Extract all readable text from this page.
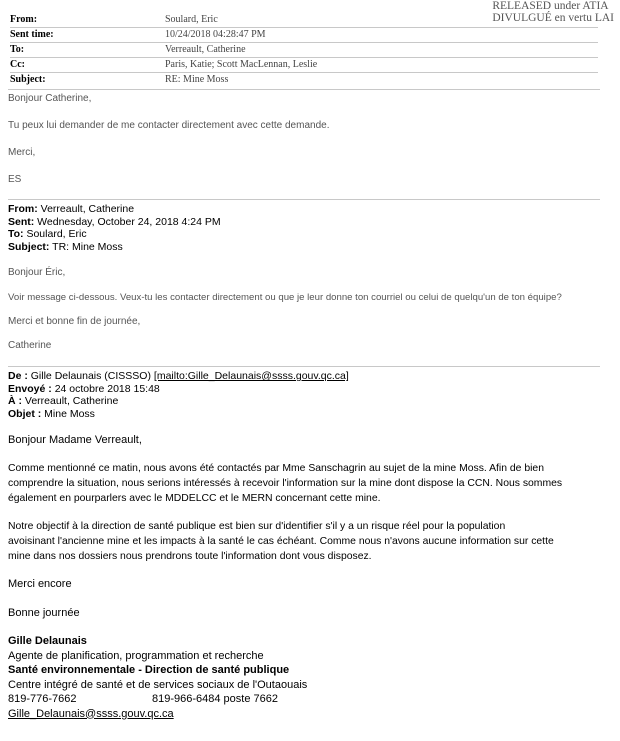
RELEASED under ATIA
DIVULGUÉ en vertu LAI
From:	Soulard, Eric
Sent time:	10/24/2018 04:28:47 PM
To:	Verreault, Catherine
Cc:	Paris, Katie; Scott MacLennan, Leslie
Subject:	RE: Mine Moss
Bonjour Catherine,
Tu peux lui demander de me contacter directement avec cette demande.
Merci,
ES
From: Verreault, Catherine
Sent: Wednesday, October 24, 2018 4:24 PM
To: Soulard, Eric
Subject: TR: Mine Moss
Bonjour Éric,
Voir message ci-dessous. Veux-tu les contacter directement ou que je leur donne ton courriel ou celui de quelqu'un de ton équipe?
Merci et bonne fin de journée,
Catherine
De : Gille Delaunais (CISSSO) [mailto:Gille_Delaunais@ssss.gouv.qc.ca]
Envoyé : 24 octobre 2018 15:48
À : Verreault, Catherine
Objet : Mine Moss
Bonjour Madame Verreault,
Comme mentionné ce matin, nous avons été contactés par Mme Sanschagrin au sujet de la mine Moss. Afin de bien
comprendre la situation, nous serions intéressés à recevoir l'information sur la mine dont dispose la CCN. Nous sommes
également en pourparlers avec le MDDELCC et le MERN concernant cette mine.
Notre objectif à la direction de santé publique est bien sur d'identifier s'il y a un risque réel pour la population
avoisinant l'ancienne mine et les impacts à la santé le cas échéant. Comme nous n'avons aucune information sur cette
mine dans nos dossiers nous prendrons toute l'information dont vous disposez.
Merci encore
Bonne journée
Gille Delaunais
Agente de planification, programmation et recherche
Santé environnementale - Direction de santé publique
Centre intégré de santé et de services sociaux de l'Outaouais
819-776-7662	819-966-6484 poste 7662
Gille_Delaunais@ssss.gouv.qc.ca
